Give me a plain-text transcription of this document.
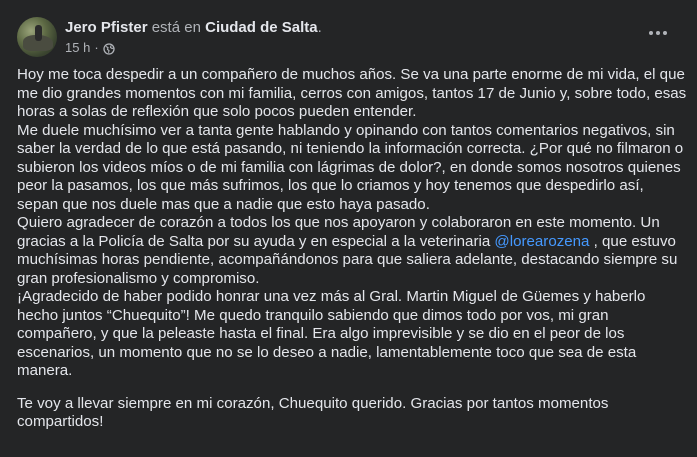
Jero Pfister está en Ciudad de Salta.
15 h ·

Hoy me toca despedir a un compañero de muchos años. Se va una parte enorme de mi vida, el que me dio grandes momentos con mi familia, cerros con amigos, tantos 17 de Junio y, sobre todo, esas horas a solas de reflexión que solo pocos pueden entender.

Me duele muchísimo ver a tanta gente hablando y opinando con tantos comentarios negativos, sin saber la verdad de lo que está pasando, ni teniendo la información correcta. ¿Por qué no filmaron o subieron los videos míos o de mi familia con lágrimas de dolor?, en donde somos nosotros quienes peor la pasamos, los que más sufrimos, los que lo criamos y hoy tenemos que despedirlo así, sepan que nos duele mas que a nadie que esto haya pasado.

Quiero agradecer de corazón a todos los que nos apoyaron y colaboraron en este momento. Un gracias a la Policía de Salta por su ayuda y en especial a la veterinaria @lorearozena , que estuvo muchísimas horas pendiente, acompañándonos para que saliera adelante, destacando siempre su gran profesionalismo y compromiso.

¡Agradecido de haber podido honrar una vez más al Gral. Martin Miguel de Güemes y haberlo hecho juntos “Chuequito”! Me quedo tranquilo sabiendo que dimos todo por vos, mi gran compañero, y que la peleaste hasta el final. Era algo imprevisible y se dio en el peor de los escenarios, un momento que no se lo deseo a nadie, lamentablemente toco que sea de esta manera.

Te voy a llevar siempre en mi corazón, Chuequito querido. Gracias por tantos momentos compartidos!
